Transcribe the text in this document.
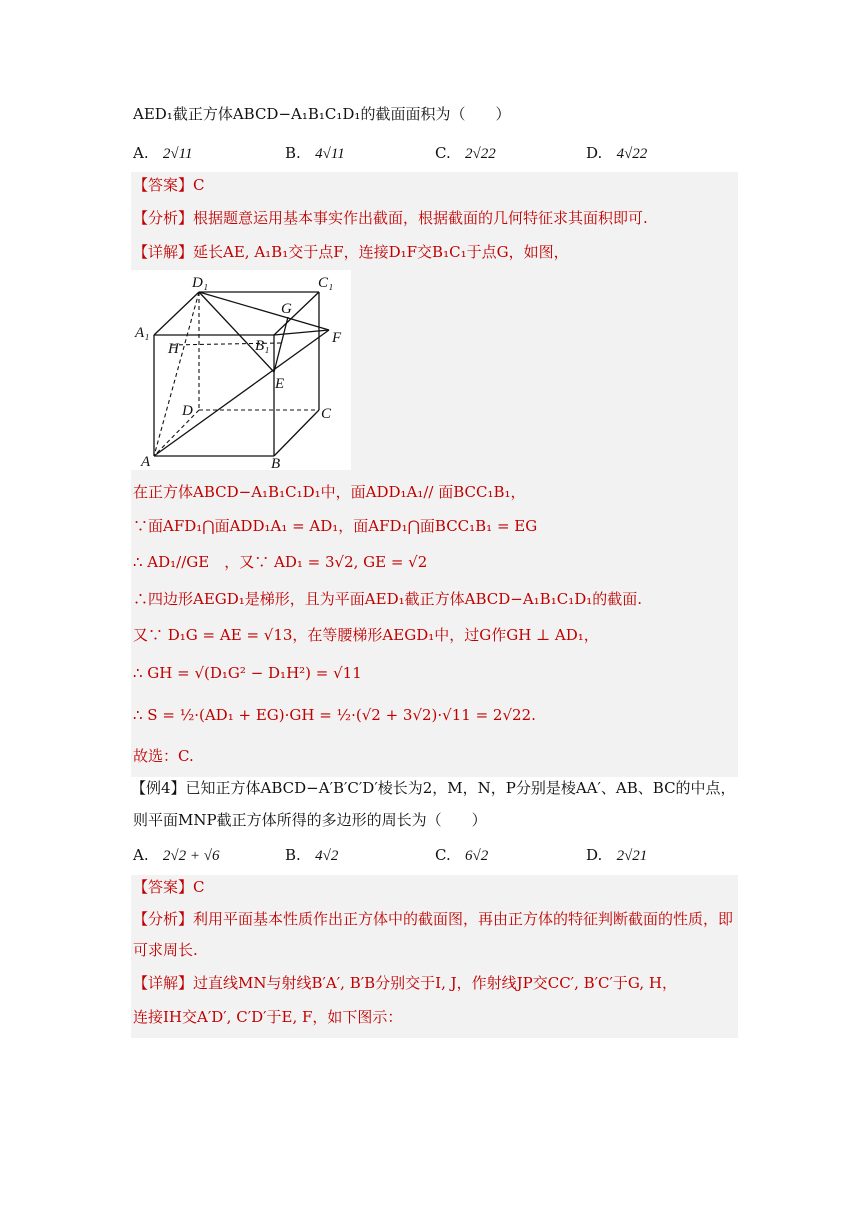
AED₁截正方体ABCD−A₁B₁C₁D₁的截面面积为（　　）
A. 2√11	B. 4√11	C. 2√22	D. 4√22
【答案】C
【分析】根据题意运用基本事实作出截面，根据截面的几何特征求其面积即可.
【详解】延长AE, A₁B₁交于点F，连接D₁F交B₁C₁于点G，如图，
D₁	C₁
A₁
G
F
H	B₁
E
D	C
A	B
在正方体ABCD−A₁B₁C₁D₁中，面ADD₁A₁// 面BCC₁B₁，
∵面AFD₁⋂面ADD₁A₁ = AD₁，面AFD₁⋂面BCC₁B₁ = EG
∴ AD₁//GE　，又∵ AD₁ = 3√2, GE = √2
∴四边形AEGD₁是梯形，且为平面AED₁截正方体ABCD−A₁B₁C₁D₁的截面.
又∵ D₁G = AE = √13，在等腰梯形AEGD₁中，过G作GH ⊥ AD₁，
∴ GH = √(D₁G² − D₁H²) = √11
∴ S = ½·(AD₁ + EG)·GH = ½·(√2 + 3√2)·√11 = 2√22.
故选：C.
【例4】已知正方体ABCD−A′B′C′D′棱长为2，M，N，P分别是棱AA′、AB、BC的中点，
则平面MNP截正方体所得的多边形的周长为（　　）
A. 2√2 + √6	B. 4√2	C. 6√2	D. 2√21
【答案】C
【分析】利用平面基本性质作出正方体中的截面图，再由正方体的特征判断截面的性质，即
可求周长.
【详解】过直线MN与射线B′A′, B′B分别交于I, J，作射线JP交CC′, B′C′于G, H，
连接IH交A′D′, C′D′于E, F，如下图示：
